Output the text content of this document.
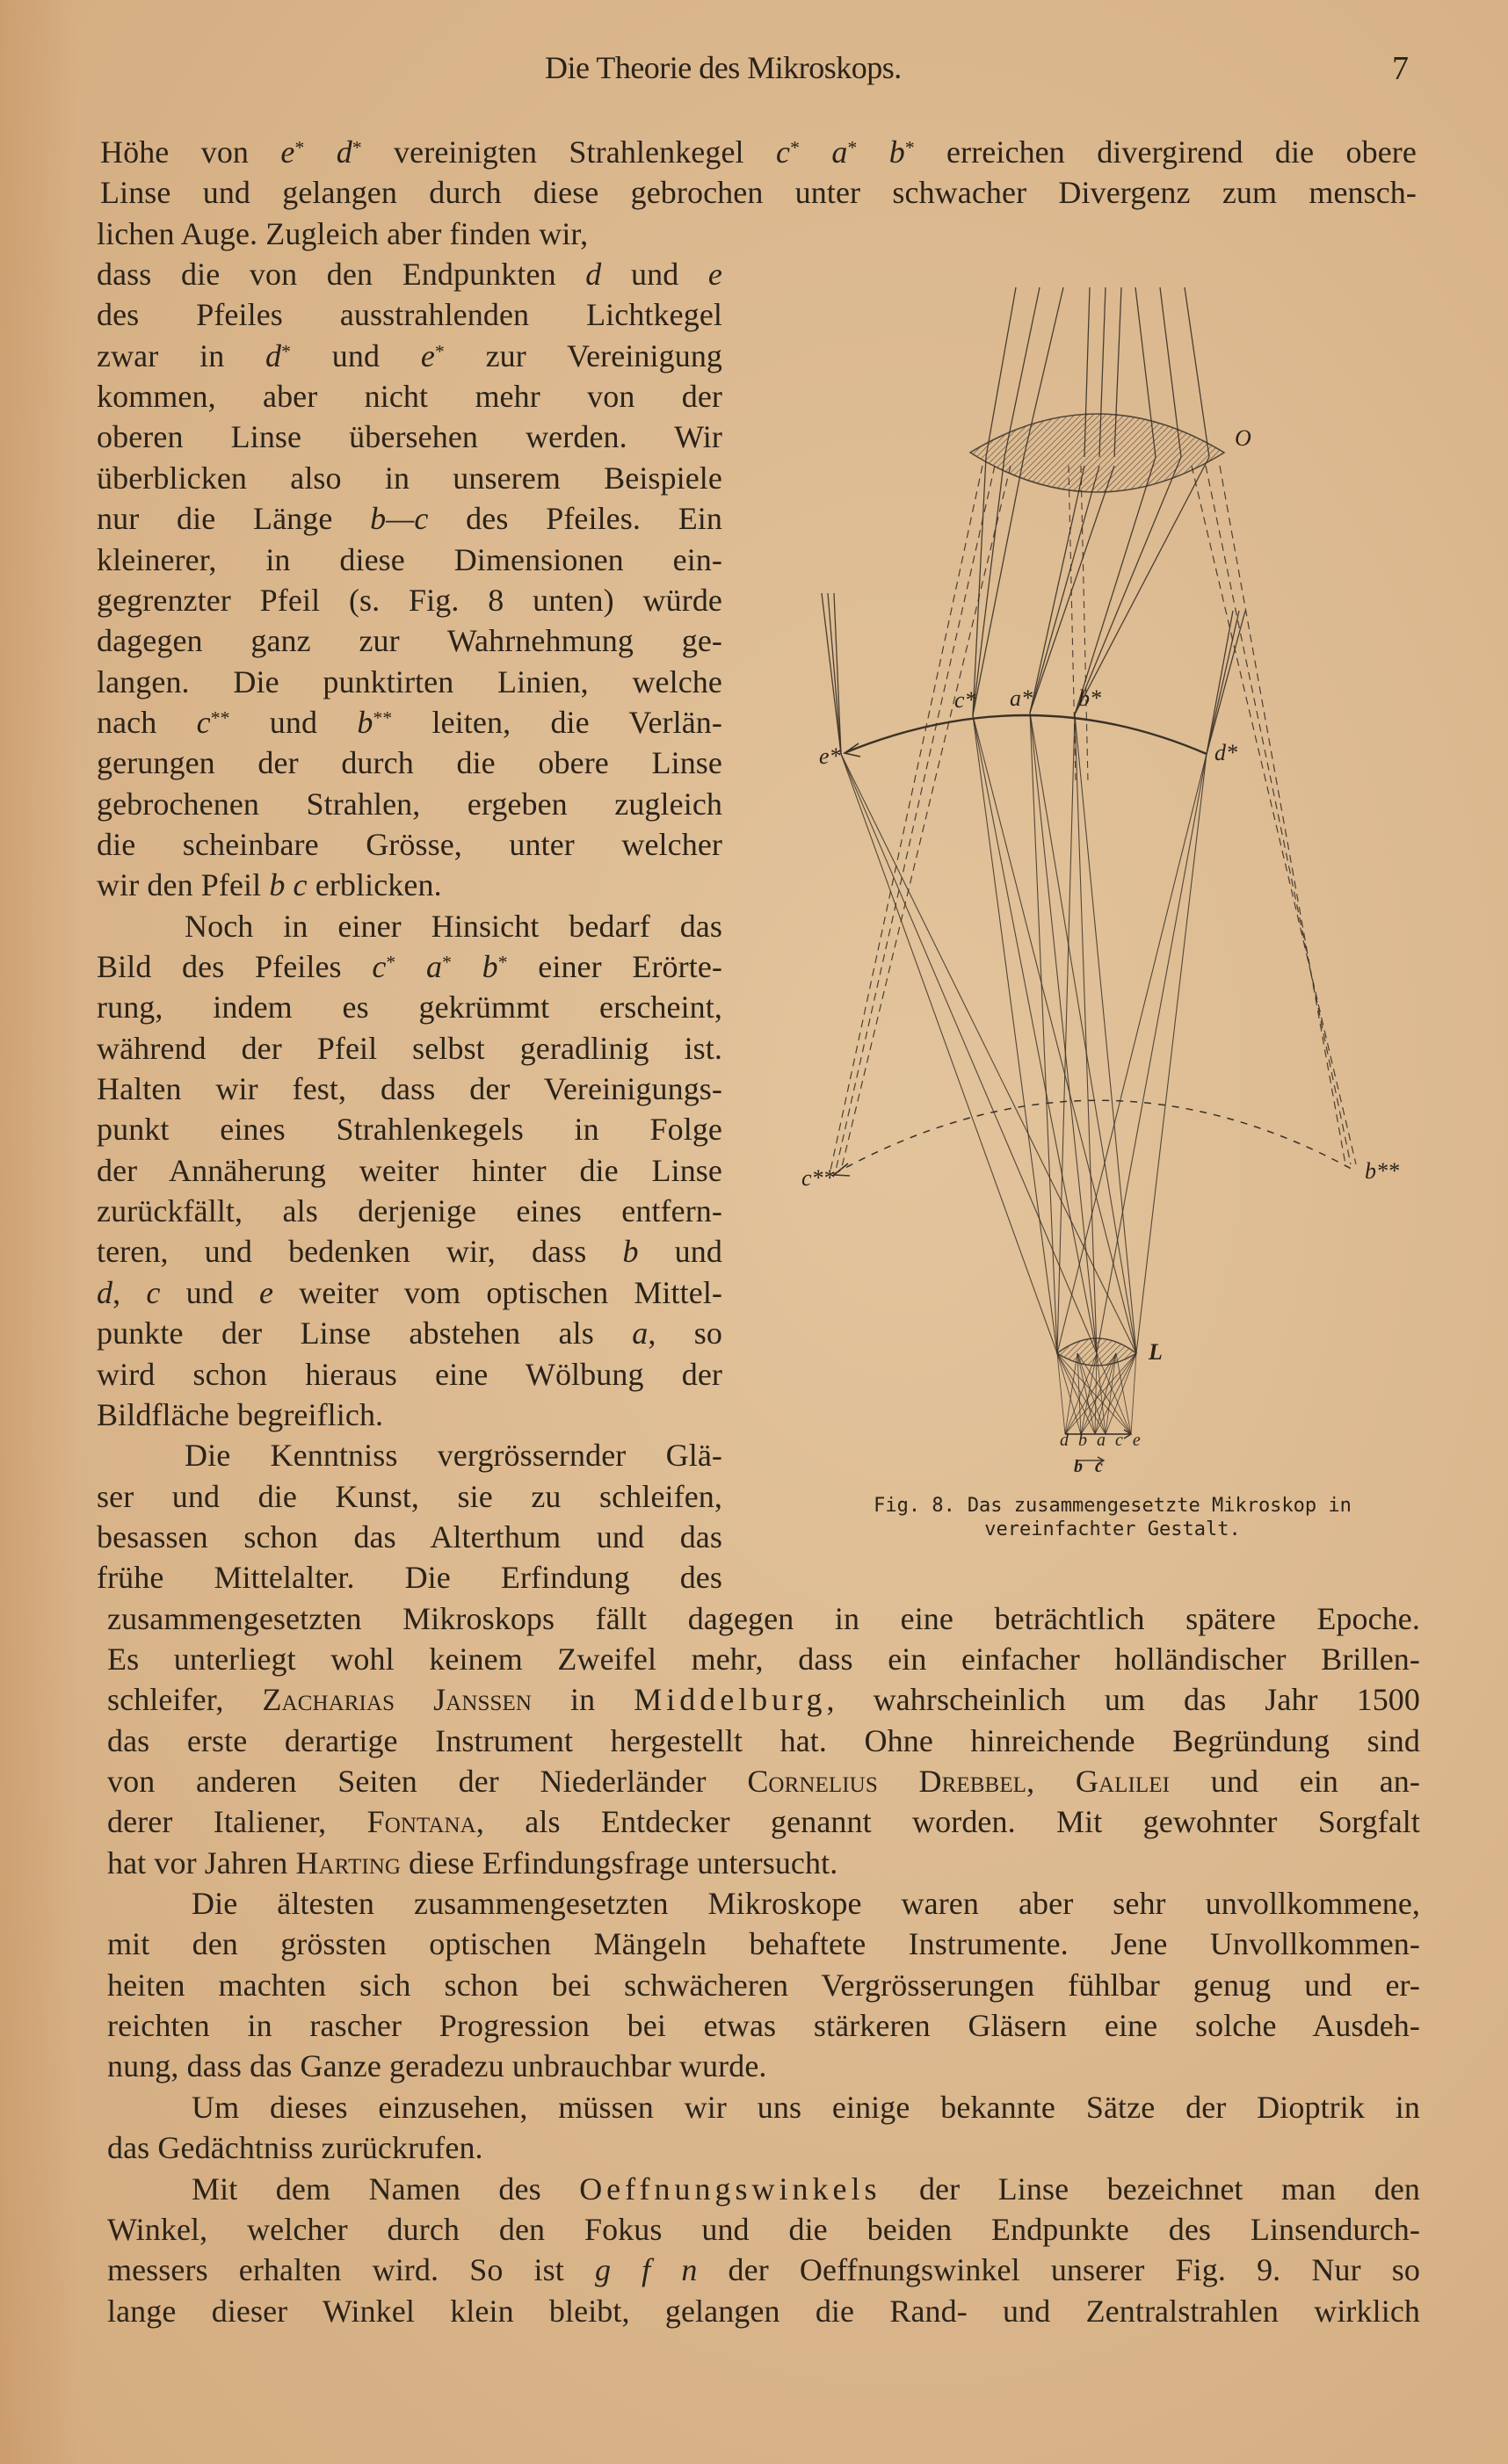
Die Theorie des Mikroskops.	7
Höhe von e* d* vereinigten Strahlenkegel c* a* b* erreichen divergirend die obere
Linse und gelangen durch diese gebrochen unter schwacher Divergenz zum mensch-
lichen Auge. Zugleich aber finden wir,
dass die von den Endpunkten d und e
des Pfeiles ausstrahlenden Lichtkegel
zwar in d* und e* zur Vereinigung
kommen, aber nicht mehr von der
oberen Linse übersehen werden. Wir
überblicken also in unserem Beispiele
nur die Länge b—c des Pfeiles. Ein
kleinerer, in diese Dimensionen ein-
gegrenzter Pfeil (s. Fig. 8 unten) würde
dagegen ganz zur Wahrnehmung ge-
langen. Die punktirten Linien, welche
nach c** und b** leiten, die Verlän-
gerungen der durch die obere Linse
gebrochenen Strahlen, ergeben zugleich
die scheinbare Grösse, unter welcher
wir den Pfeil b c erblicken.
Noch in einer Hinsicht bedarf das
Bild des Pfeiles c* a* b* einer Erörte-
rung, indem es gekrümmt erscheint,
während der Pfeil selbst geradlinig ist.
Halten wir fest, dass der Vereinigungs-
punkt eines Strahlenkegels in Folge
der Annäherung weiter hinter die Linse
zurückfällt, als derjenige eines entfern-
teren, und bedenken wir, dass b und
d, c und e weiter vom optischen Mittel-
punkte der Linse abstehen als a, so
wird schon hieraus eine Wölbung der
Bildfläche begreiflich.
Die Kenntniss vergrössernder Glä-
ser und die Kunst, sie zu schleifen,
besassen schon das Alterthum und das
frühe Mittelalter. Die Erfindung des
zusammengesetzten Mikroskops fällt dagegen in eine beträchtlich spätere Epoche.
Es unterliegt wohl keinem Zweifel mehr, dass ein einfacher holländischer Brillen-
schleifer, Zacharias Janssen in Middelburg, wahrscheinlich um das Jahr 1500
das erste derartige Instrument hergestellt hat. Ohne hinreichende Begründung sind
von anderen Seiten der Niederländer Cornelius Drebbel, Galilei und ein an-
derer Italiener, Fontana, als Entdecker genannt worden. Mit gewohnter Sorgfalt
hat vor Jahren Harting diese Erfindungsfrage untersucht.
Die ältesten zusammengesetzten Mikroskope waren aber sehr unvollkommene,
mit den grössten optischen Mängeln behaftete Instrumente. Jene Unvollkommen-
heiten machten sich schon bei schwächeren Vergrösserungen fühlbar genug und er-
reichten in rascher Progression bei etwas stärkeren Gläsern eine solche Ausdeh-
nung, dass das Ganze geradezu unbrauchbar wurde.
Um dieses einzusehen, müssen wir uns einige bekannte Sätze der Dioptrik in
das Gedächtniss zurückrufen.
Mit dem Namen des Oeffnungswinkels der Linse bezeichnet man den
Winkel, welcher durch den Fokus und die beiden Endpunkte des Linsendurch-
messers erhalten wird. So ist g f n der Oeffnungswinkel unserer Fig. 9. Nur so
lange dieser Winkel klein bleibt, gelangen die Rand- und Zentralstrahlen wirklich
O
L
e*
c* a* b*
d*
c**	b**
d b a c e
b c
Fig. 8. Das zusammengesetzte Mikroskop in
vereinfachter Gestalt.
